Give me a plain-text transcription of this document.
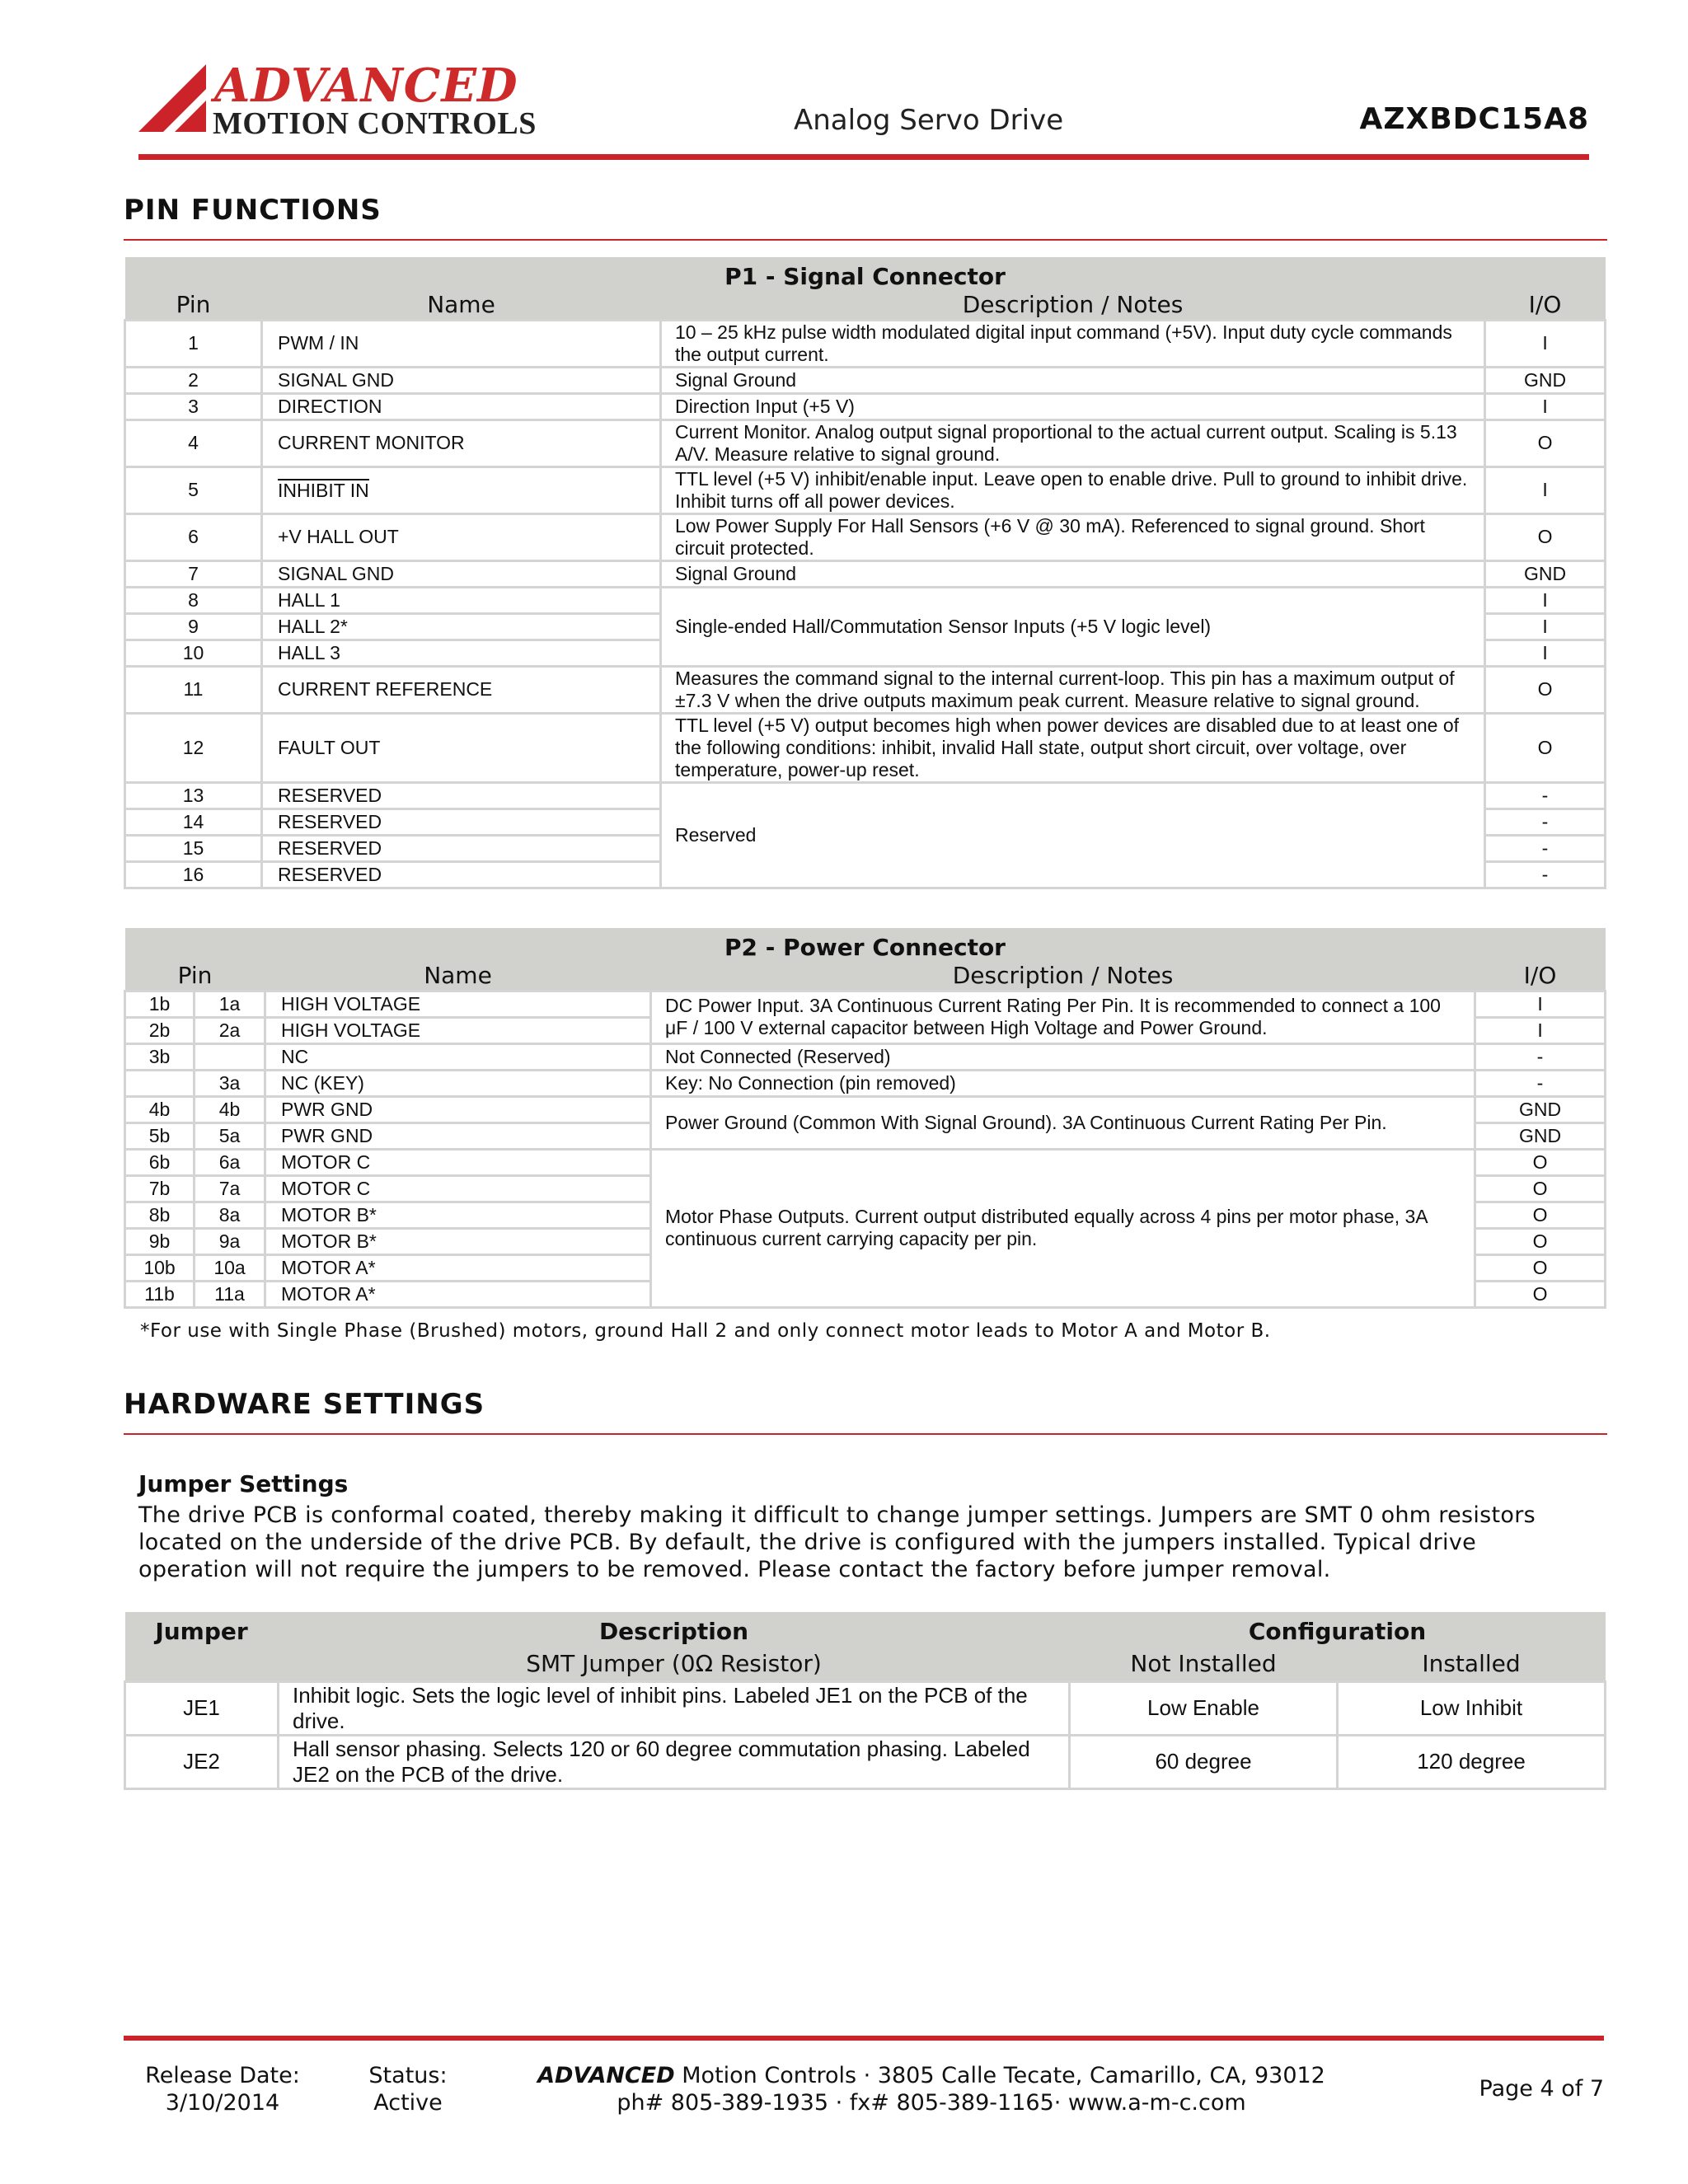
ADVANCED
MOTION CONTROLS	Analog Servo Drive	AZXBDC15A8
PIN FUNCTIONS
P1 - Signal Connector			
Pin	Name	Description / Notes	I/O
1	PWM / IN	10 – 25 kHz pulse width modulated digital input command (+5V). Input duty cycle commands the output current.	I
2	SIGNAL GND	Signal Ground	GND
3	DIRECTION	Direction Input (+5 V)	I
4	CURRENT MONITOR	Current Monitor. Analog output signal proportional to the actual current output. Scaling is 5.13 A/V. Measure relative to signal ground.	O
5	INHIBIT IN	TTL level (+5 V) inhibit/enable input. Leave open to enable drive. Pull to ground to inhibit drive. Inhibit turns off all power devices.	I
6	+V HALL OUT	Low Power Supply For Hall Sensors (+6 V @ 30 mA). Referenced to signal ground. Short circuit protected.	O
7	SIGNAL GND	Signal Ground	GND
8	HALL 1	Single-ended Hall/Commutation Sensor Inputs (+5 V logic level)	I
9	HALL 2*		I
10	HALL 3		I
11	CURRENT REFERENCE	Measures the command signal to the internal current-loop. This pin has a maximum output of ±7.3 V when the drive outputs maximum peak current. Measure relative to signal ground.	O
12	FAULT OUT	TTL level (+5 V) output becomes high when power devices are disabled due to at least one of the following conditions: inhibit, invalid Hall state, output short circuit, over voltage, over temperature, power-up reset.	O
13	RESERVED	Reserved	-
14	RESERVED		-
15	RESERVED		-
16	RESERVED		-
P2 - Power Connector				
Pin		Name	Description / Notes	I/O
1b	1a	HIGH VOLTAGE	DC Power Input. 3A Continuous Current Rating Per Pin. It is recommended to connect a 100 μF / 100 V external capacitor between High Voltage and Power Ground.	I
2b	2a	HIGH VOLTAGE		I
3b		NC	Not Connected (Reserved)	-
	3a	NC (KEY)	Key: No Connection (pin removed)	-
4b	4b	PWR GND	Power Ground (Common With Signal Ground). 3A Continuous Current Rating Per Pin.	GND
5b	5a	PWR GND		GND
6b	6a	MOTOR C	Motor Phase Outputs. Current output distributed equally across 4 pins per motor phase, 3A continuous current carrying capacity per pin.	O
7b	7a	MOTOR C		O
8b	8a	MOTOR B*		O
9b	9a	MOTOR B*		O
10b	10a	MOTOR A*		O
11b	11a	MOTOR A*		O
*For use with Single Phase (Brushed) motors, ground Hall 2 and only connect motor leads to Motor A and Motor B.
HARDWARE SETTINGS
Jumper Settings
The drive PCB is conformal coated, thereby making it difficult to change jumper settings. Jumpers are SMT 0 ohm resistors located on the underside of the drive PCB. By default, the drive is configured with the jumpers installed. Typical drive operation will not require the jumpers to be removed. Please contact the factory before jumper removal.
Jumper	Description	Configuration	
	SMT Jumper (0Ω Resistor)	Not Installed	Installed
JE1	Inhibit logic. Sets the logic level of inhibit pins. Labeled JE1 on the PCB of the drive.	Low Enable	Low Inhibit
JE2	Hall sensor phasing. Selects 120 or 60 degree commutation phasing. Labeled JE2 on the PCB of the drive.	60 degree	120 degree
Release Date:
3/10/2014
Status:
Active
ADVANCED Motion Controls · 3805 Calle Tecate, Camarillo, CA, 93012
ph# 805-389-1935 · fx# 805-389-1165· www.a-m-c.com
Page 4 of 7
